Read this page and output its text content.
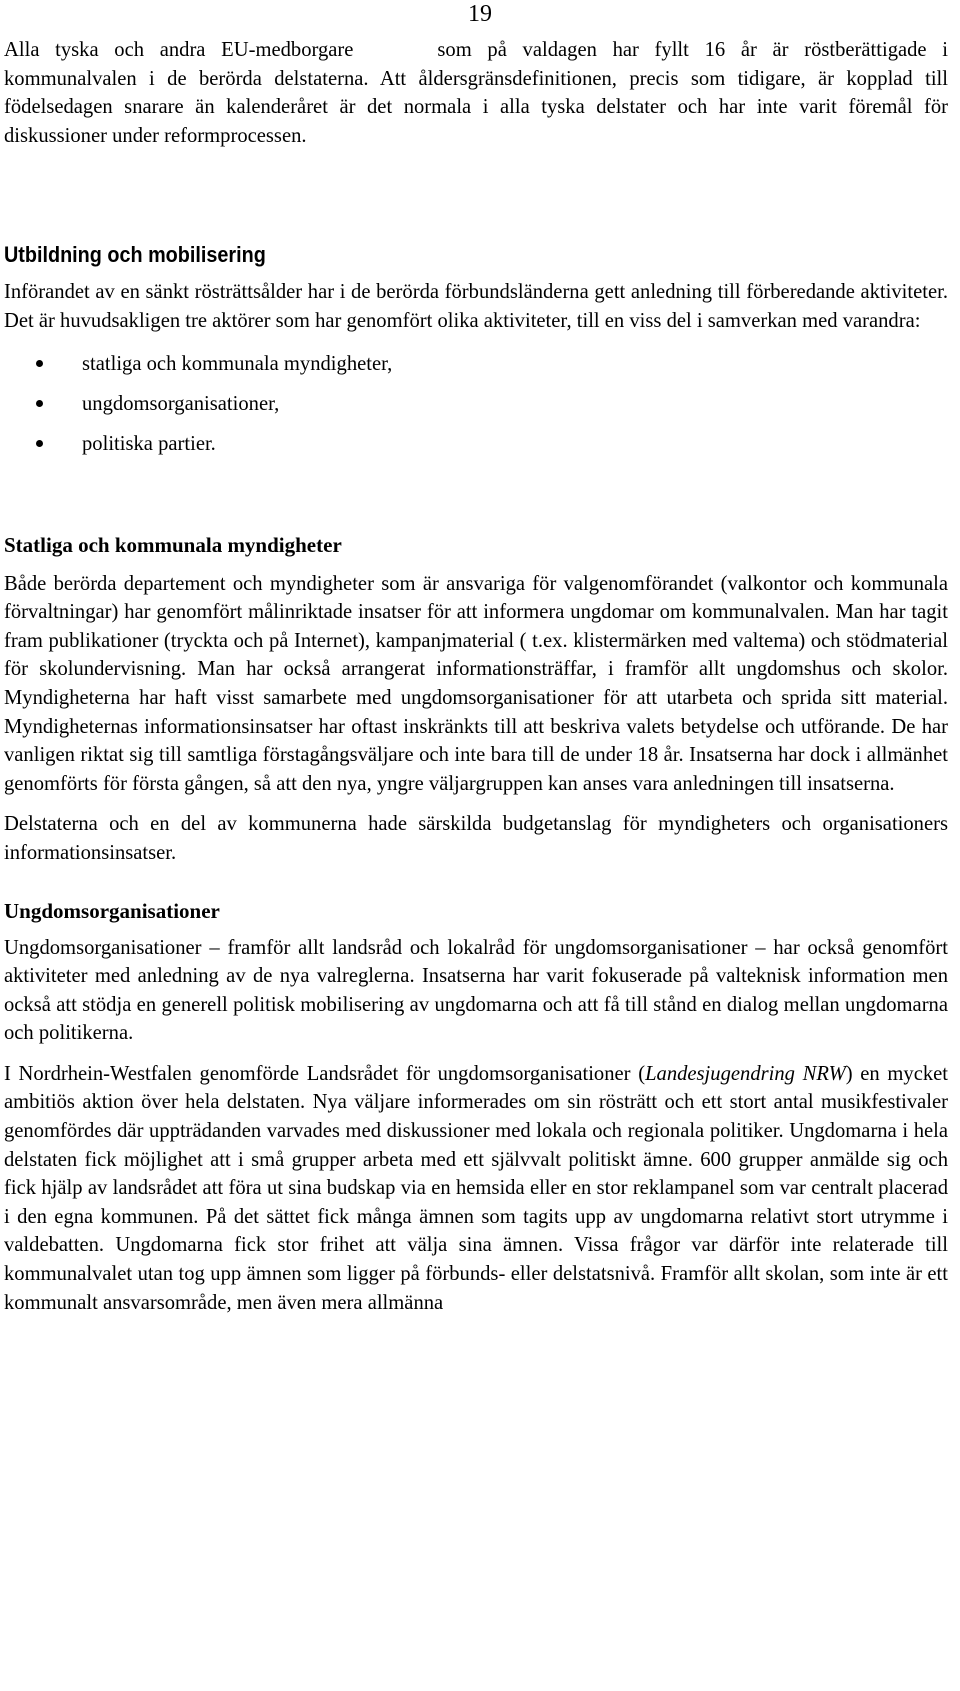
19

Alla tyska och andra EU-medborgare	som på valdagen har fyllt 16 år är röstberättigade i kommunalvalen i de berörda delstaterna. Att åldersgränsdefinitionen, precis som tidigare, är kopplad till födelsedagen snarare än kalenderåret är det normala i alla tyska delstater och har inte varit föremål för diskussioner under reformprocessen.

Utbildning och mobilisering

Införandet av en sänkt rösträttsålder har i de berörda förbundsländerna gett anledning till förberedande aktiviteter. Det är huvudsakligen tre aktörer som har genomfört olika aktiviteter, till en viss del i samverkan med varandra:

statliga och kommunala myndigheter,
ungdomsorganisationer,
politiska partier.
Statliga och kommunala myndigheter

Både berörda departement och myndigheter som är ansvariga för valgenomförandet (valkontor och kommunala förvaltningar) har genomfört målinriktade insatser för att informera ungdomar om kommunalvalen. Man har tagit fram publikationer (tryckta och på Internet), kampanjmaterial ( t.ex. klistermärken med valtema) och stödmaterial för skolundervisning. Man har också arrangerat informationsträffar, i framför allt ungdomshus och skolor. Myndigheterna har haft visst samarbete med ungdomsorganisationer för att utarbeta och sprida sitt material. Myndigheternas informationsinsatser har oftast inskränkts till att beskriva valets betydelse och utförande. De har vanligen riktat sig till samtliga förstagångsväljare och inte bara till de under 18 år. Insatserna har dock i allmänhet genomförts för första gången, så att den nya, yngre väljargruppen kan anses vara anledningen till insatserna.

Delstaterna och en del av kommunerna hade särskilda budgetanslag för myndigheters och organisationers informationsinsatser.

Ungdomsorganisationer

Ungdomsorganisationer – framför allt landsråd och lokalråd för ungdomsorganisationer – har också genomfört aktiviteter med anledning av de nya valreglerna. Insatserna har varit fokuserade på valteknisk information men också att stödja en generell politisk mobilisering av ungdomarna och att få till stånd en dialog mellan ungdomarna och politikerna.

I Nordrhein-Westfalen genomförde Landsrådet för ungdomsorganisationer (Landesjugendring NRW) en mycket ambitiös aktion över hela delstaten. Nya väljare informerades om sin rösträtt och ett stort antal musikfestivaler genomfördes där uppträdanden varvades med diskussioner med lokala och regionala politiker. Ungdomarna i hela delstaten fick möjlighet att i små grupper arbeta med ett självvalt politiskt ämne. 600 grupper anmälde sig och fick hjälp av landsrådet att föra ut sina budskap via en hemsida eller en stor reklampanel som var centralt placerad i den egna kommunen. På det sättet fick många ämnen som tagits upp av ungdomarna relativt stort utrymme i valdebatten. Ungdomarna fick stor frihet att välja sina ämnen. Vissa frågor var därför inte relaterade till kommunalvalet utan tog upp ämnen som ligger på förbunds- eller delstatsnivå. Framför allt skolan, som inte är ett kommunalt ansvarsområde, men även mera allmänna
